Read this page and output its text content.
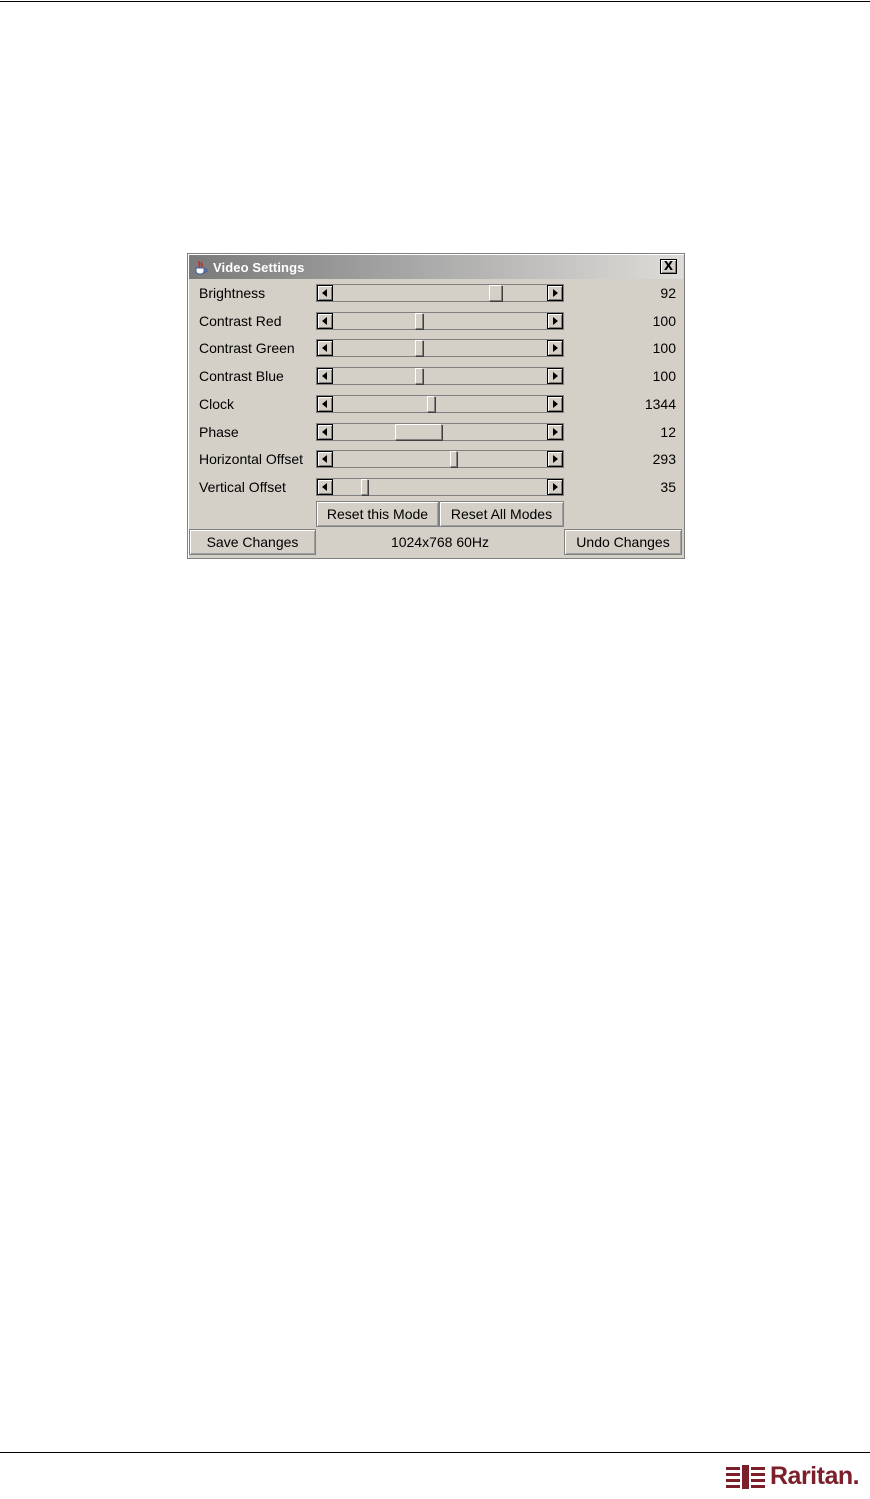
Video Settings	X
Brightness	92
Contrast Red	100
Contrast Green	100
Contrast Blue	100
Clock	1344
Phase	12
Horizontal Offset	293
Vertical Offset	35
Reset this Mode	Reset All Modes
Save Changes	1024x768 60Hz	Undo Changes
Raritan.
